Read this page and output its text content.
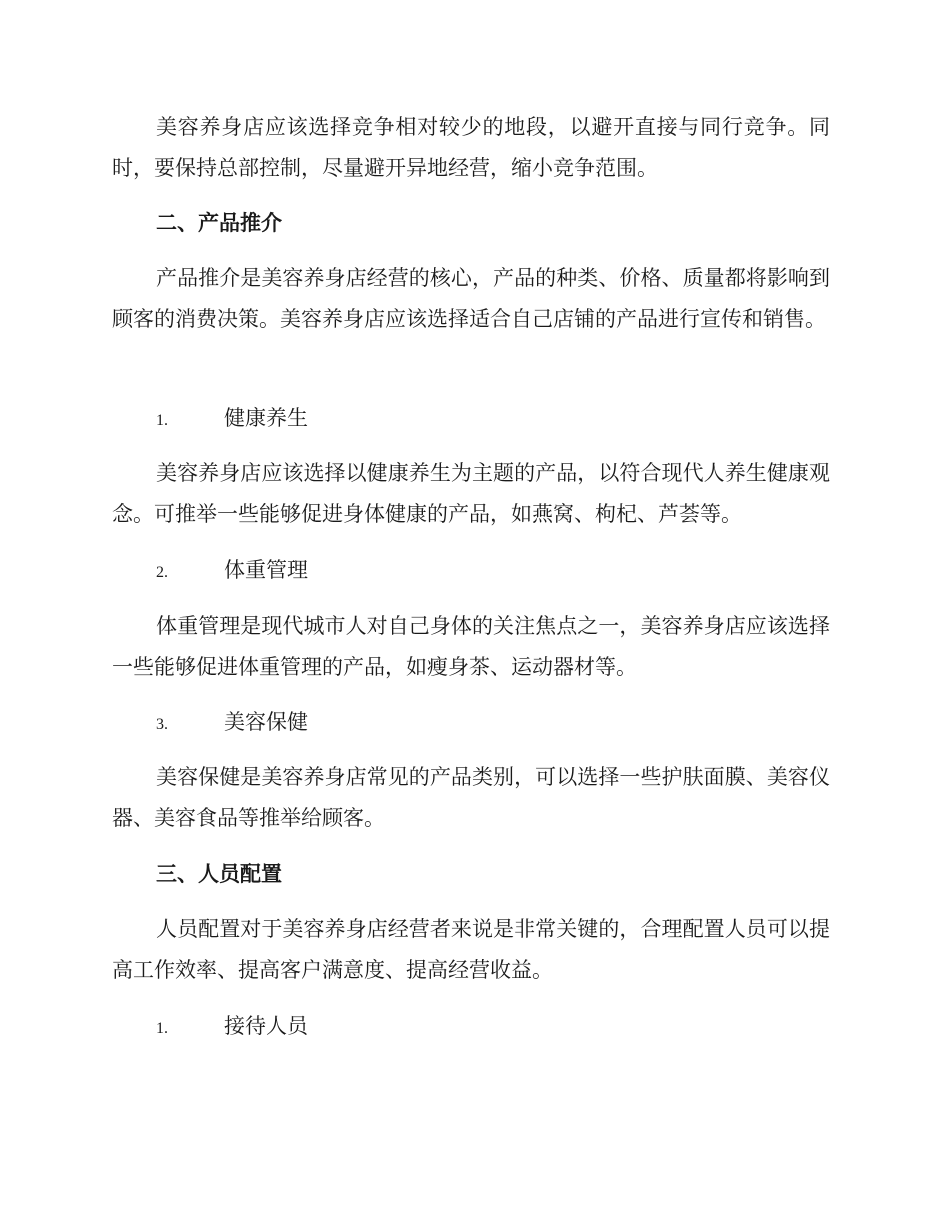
美容养身店应该选择竞争相对较少的地段，以避开直接与同行竞争。同时，要保持总部控制，尽量避开异地经营，缩小竞争范围。

二、产品推介

产品推介是美容养身店经营的核心，产品的种类、价格、质量都将影响到顾客的消费决策。美容养身店应该选择适合自己店铺的产品进行宣传和销售。

1.	健康养生

美容养身店应该选择以健康养生为主题的产品，以符合现代人养生健康观念。可推举一些能够促进身体健康的产品，如燕窝、枸杞、芦荟等。

2.	体重管理

体重管理是现代城市人对自己身体的关注焦点之一，美容养身店应该选择一些能够促进体重管理的产品，如瘦身茶、运动器材等。

3.	美容保健

美容保健是美容养身店常见的产品类别，可以选择一些护肤面膜、美容仪器、美容食品等推举给顾客。

三、人员配置

人员配置对于美容养身店经营者来说是非常关键的，合理配置人员可以提高工作效率、提高客户满意度、提高经营收益。

1.	接待人员
